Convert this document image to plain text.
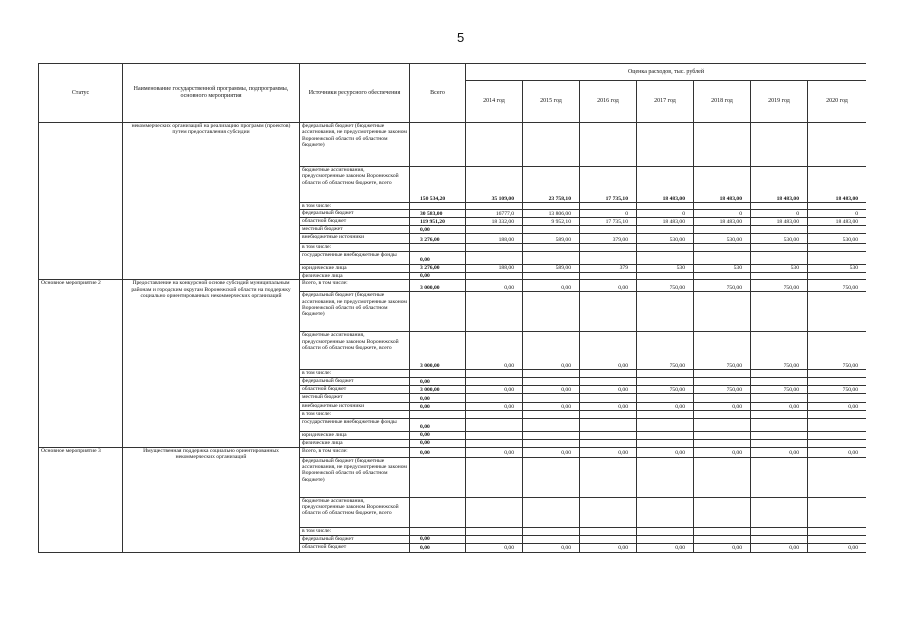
5
Статус	Наименование государственной программы, подпрограммы, основного мероприятия	Источники ресурсного обеспечения	Всего	Оценка расходов, тыс. рублей						
				2014 год	2015 год	2016 год	2017 год	2018 год	2019 год	2020 год
	некоммерческих организаций на реализацию программ (проектов) путем предоставления субсидии	федеральный бюджет (бюджетные ассигнования, не предусмотренные законом Воронежской области об областном бюджете)								
		бюджетные ассигнования, предусмотренные законом Воронежской области об областном бюджете, всего	150 534,20	35 109,00	23 758,10	17 735,10	18 483,00	18 483,00	18 483,00	18 483,00
		в том числе:								
		федеральный бюджет	30 583,00	16777,0	13 806,00	0	0	0	0	0
		областной бюджет	119 951,20	18 332,00	9 952,10	17 735,10	18 483,00	18 483,00	18 483,00	18 483,00
		местный бюджет	0,00							
		внебюджетные источники	3 276,00	188,00	589,00	379,00	530,00	530,00	530,00	530,00
		в том числе:								
		государственные внебюджетные фонды	0,00							
		юридические лица	3 276,00	188,00	589,00	379	530	530	530	530
		физические лица	0,00							
Основное мероприятие 2	Предоставление на конкурсной основе субсидий муниципальным районам и городским округам Воронежской области на поддержку социально ориентированных некоммерческих организаций	Всего, в том числе:	3 000,00	0,00	0,00	0,00	750,00	750,00	750,00	750,00
		федеральный бюджет (бюджетные ассигнования, не предусмотренные законом Воронежской области об областном бюджете)								
		бюджетные ассигнования, предусмотренные законом Воронежской области об областном бюджете, всего	3 000,00	0,00	0,00	0,00	750,00	750,00	750,00	750,00
		в том числе:								
		федеральный бюджет	0,00							
		областной бюджет	3 000,00	0,00	0,00	0,00	750,00	750,00	750,00	750,00
		местный бюджет	0,00							
		внебюджетные источники	0,00	0,00	0,00	0,00	0,00	0,00	0,00	0,00
		в том числе:								
		государственные внебюджетные фонды	0,00							
		юридические лица	0,00							
		физические лица	0,00							
Основное мероприятие 3	Имущественная поддержка социально ориентированных некоммерческих организаций	Всего, в том числе:	0,00	0,00	0,00	0,00	0,00	0,00	0,00	0,00
		федеральный бюджет (бюджетные ассигнования, не предусмотренные законом Воронежской области об областном бюджете)								
		бюджетные ассигнования, предусмотренные законом Воронежской области об областном бюджете, всего								
		в том числе:								
		федеральный бюджет	0,00							
		областной бюджет	0,00	0,00	0,00	0,00	0,00	0,00	0,00	0,00
